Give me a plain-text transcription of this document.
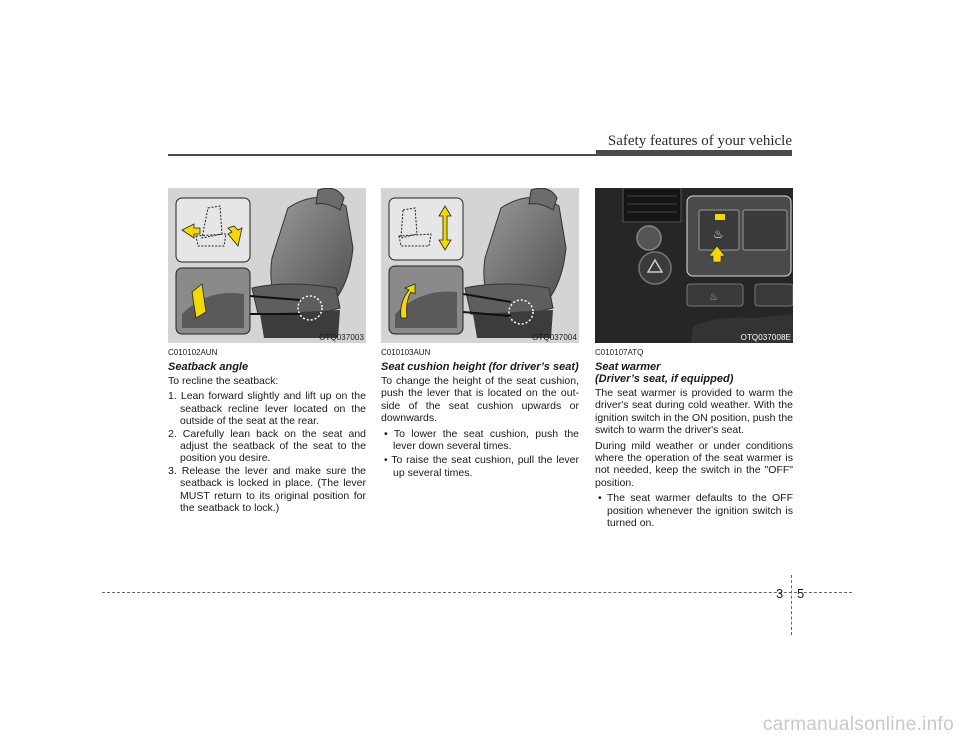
Safety features of your vehicle
OTQ037003
C010102AUN
Seatback angle

To recline the seatback:

1. Lean forward slightly and lift up on the seatback recline lever located on the outside of the seat at the rear.
2. Carefully lean back on the seat and adjust the seatback of the seat to the position you desire.
3. Release the lever and make sure the seatback is locked in place. (The lever MUST return to its original position for the seatback to lock.)
OTQ037004
C010103AUN
Seat cushion height (for driver’s seat)

To change the height of the seat cushion, push the lever that is located on the out-side of the seat cushion upwards or downwards.

• To lower the seat cushion, push the lever down several times.
• To raise the seat cushion, pull the lever up several times.
♨
♨
OTQ037008E
C010107ATQ
Seat warmer
(Driver’s seat, if equipped)

The seat warmer is provided to warm the driver's seat during cold weather. With the ignition switch in the ON position, push the switch to warm the driver's seat.

During mild weather or under conditions where the operation of the seat warmer is not needed, keep the switch in the "OFF" position.

• The seat warmer defaults to the OFF position whenever the ignition switch is turned on.
3 5
carmanualsonline.info
